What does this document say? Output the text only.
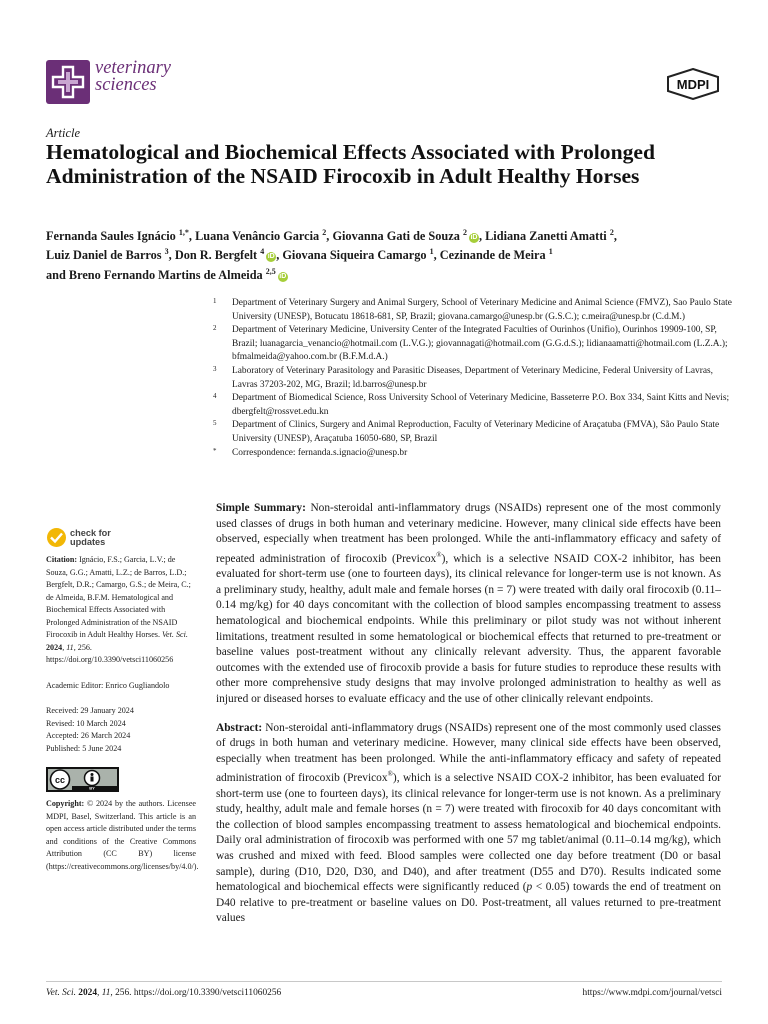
veterinary
sciences	MDPI
Article
Hematological and Biochemical Effects Associated with Prolonged Administration of the NSAID Firocoxib in Adult Healthy Horses

Fernanda Saules Ignácio $^{1,*}$, Luana Venâncio Garcia $^2$, Giovanna Gati de Souza $^2$iD , Lidiana Zanetti Amatti $^2$,
Luiz Daniel de Barros $^3$, Don R. Bergfelt $^4$iD , Giovana Siqueira Camargo $^1$, Cezinande de Meira $^1$
and Breno Fernando Martins de Almeida $^{2,5}$iD

1 Department of Veterinary Surgery and Animal Surgery, School of Veterinary Medicine and Animal Science (FMVZ), Sao Paulo State University (UNESP), Botucatu 18618-681, SP, Brazil; giovana.camargo@unesp.br (G.S.C.); c.meira@unesp.br (C.d.M.)
2 Department of Veterinary Medicine, University Center of the Integrated Faculties of Ourinhos (Unifio), Ourinhos 19909-100, SP, Brazil; luanagarcia_venancio@hotmail.com (L.V.G.); giovannagati@hotmail.com (G.G.d.S.); lidianaamatti@hotmail.com (L.Z.A.); bfmalmeida@yahoo.com.br (B.F.M.d.A.)
3 Laboratory of Veterinary Parasitology and Parasitic Diseases, Department of Veterinary Medicine, Federal University of Lavras, Lavras 37203-202, MG, Brazil; ld.barros@unesp.br
4 Department of Biomedical Science, Ross University School of Veterinary Medicine, Basseterre P.O. Box 334, Saint Kitts and Nevis; dbergfelt@rossvet.edu.kn
5 Department of Clinics, Surgery and Animal Reproduction, Faculty of Veterinary Medicine of Araçatuba (FMVA), São Paulo State University (UNESP), Araçatuba 16050-680, SP, Brazil
* Correspondence: fernanda.s.ignacio@unesp.br
check for
updates

Citation: Ignácio, F.S.; Garcia, L.V.; de Souza, G.G.; Amatti, L.Z.; de Barros, L.D.; Bergfelt, D.R.; Camargo, G.S.; de Meira, C.; de Almeida, B.F.M. Hematological and Biochemical Effects Associated with Prolonged Administration of the NSAID Firocoxib in Adult Healthy Horses. Vet. Sci. 2024, 11, 256. https://doi.org/10.3390/vetsci11060256

Academic Editor: Enrico Gugliandolo

Received: 29 January 2024

Revised: 10 March 2024

Accepted: 26 March 2024

Published: 5 June 2024

cc
BY

Copyright: © 2024 by the authors. Licensee MDPI, Basel, Switzerland. This article is an open access article distributed under the terms and conditions of the Creative Commons Attribution (CC BY) license (https://creativecommons.org/licenses/by/4.0/).

Simple Summary: Non-steroidal anti-inflammatory drugs (NSAIDs) represent one of the most commonly used classes of drugs in both human and veterinary medicine. However, many clinical side effects have been observed, especially when treatment has been prolonged. While the anti-inflammatory efficacy and safety of repeated administration of firocoxib (Previcox®), which is a selective NSAID COX-2 inhibitor, has been evaluated for short-term use (one to fourteen days), its clinical relevance for longer-term use is not known. As a preliminary study, healthy, adult male and female horses (n = 7) were treated with daily oral firocoxib (0.11–0.14 mg/kg) for 40 days concomitant with the collection of blood samples encompassing treatment to assess hematological and biochemical endpoints. While this preliminary or pilot study was not without inherent limitations, treatment resulted in some hematological or biochemical effects that returned to pre-treatment or baseline values post-treatment without any clinically relevant adversity. Thus, the apparent favorable outcomes with the extended use of firocoxib provide a basis for future studies to reproduce these results with other more comprehensive study designs that may involve prolonged administration to healthy as well as injured or diseased horses to evaluate efficacy and the use of other clinically relevant endpoints.

Abstract: Non-steroidal anti-inflammatory drugs (NSAIDs) represent one of the most commonly used classes of drugs in both human and veterinary medicine. However, many clinical side effects have been observed, especially when treatment has been prolonged. While the anti-inflammatory efficacy and safety of repeated administration of firocoxib (Previcox®), which is a selective NSAID COX-2 inhibitor, has been evaluated for short-term use (one to fourteen days), its clinical relevance for longer-term use is not known. As a preliminary study, healthy, adult male and female horses (n = 7) were treated with firocoxib for 40 days concomitant with the collection of blood samples encompassing treatment to assess hematological and biochemical endpoints. Daily oral administration of firocoxib was performed with one 57 mg tablet/animal (0.11–0.14 mg/kg), which was crushed and mixed with feed. Blood samples were collected one day before treatment (D0 or basal sample), during (D10, D20, D30, and D40), and after treatment (D55 and D70). Results indicated some hematological and biochemical effects were significantly reduced (p < 0.05) towards the end of treatment on D40 relative to pre-treatment or baseline values on D0. Post-treatment, all values returned to pre-treatment values

Vet. Sci. 2024, 11, 256. https://doi.org/10.3390/vetsci11060256	https://www.mdpi.com/journal/vetsci
